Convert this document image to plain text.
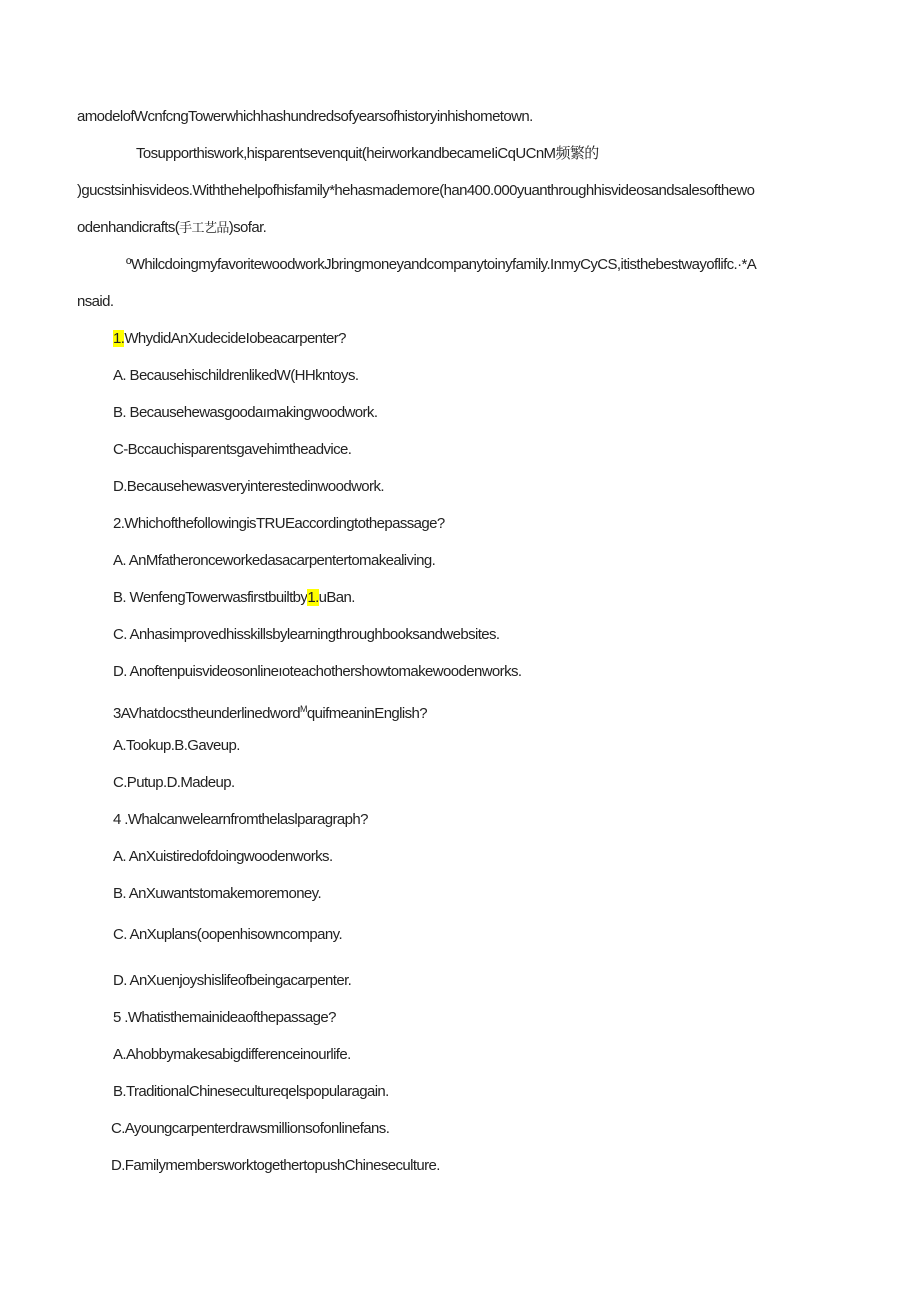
amodelofWcnfcngTowerwhichhashundredsofyearsofhistoryinhishometown.
Tosupporthiswork,hisparentsevenquit(heirworkandbecameIiCqUCnM频繁的
)gucstsinhisvideos.Withthehelpofhisfamily*hehasmademore(han400.000yuanthroughhisvideosandsalesofthewo
odenhandicrafts(手工艺品)sofar.
ºWhilcdoingmyfavoritewoodworkJbringmoneyandcompanytoinyfamily.InmyCyCS,itisthebestwayoflifc.·*A
nsaid.
1.WhydidAnXudecideIobeacarpenter?
A. BecausehischildrenlikedW(HHkntoys.
B. Becausehewasgoodaımakingwoodwork.
C-Bccauchisparentsgavehimtheadvice.
D.Becausehewasveryinterestedinwoodwork.
2.WhichofthefollowingisTRUEaccordingtothepassage?
A. AnMfatheronceworkedasacarpentertomakealiving.
B. WenfengTowerwasfirstbuiltby1.uBan.
C. Anhasimprovedhisskillsbylearningthroughbooksandwebsites.
D. Anoftenpuisvideosonlineıoteachothershowtomakewoodenworks.
3AVhatdocstheunderlinedword$^M$quifmeaninEnglish?
A.Tookup.B.Gaveup.
C.Putup.D.Madeup.
4 .Whalcanwelearnfromthelaslparagraph?
A. AnXuistiredofdoingwoodenworks.
B. AnXuwantstomakemoremoney.
C. AnXuplans(oopenhisowncompany.
D. AnXuenjoyshislifeofbeingacarpenter.
5 .Whatisthemainideaofthepassage?
A.Ahobbymakesabigdifferenceinourlife.
B.TraditionalChinesecultureqelspopularagain.
C.Ayoungcarpenterdrawsmillionsofonlinefans.
D.FamilymembersworktogethertopushChineseculture.
